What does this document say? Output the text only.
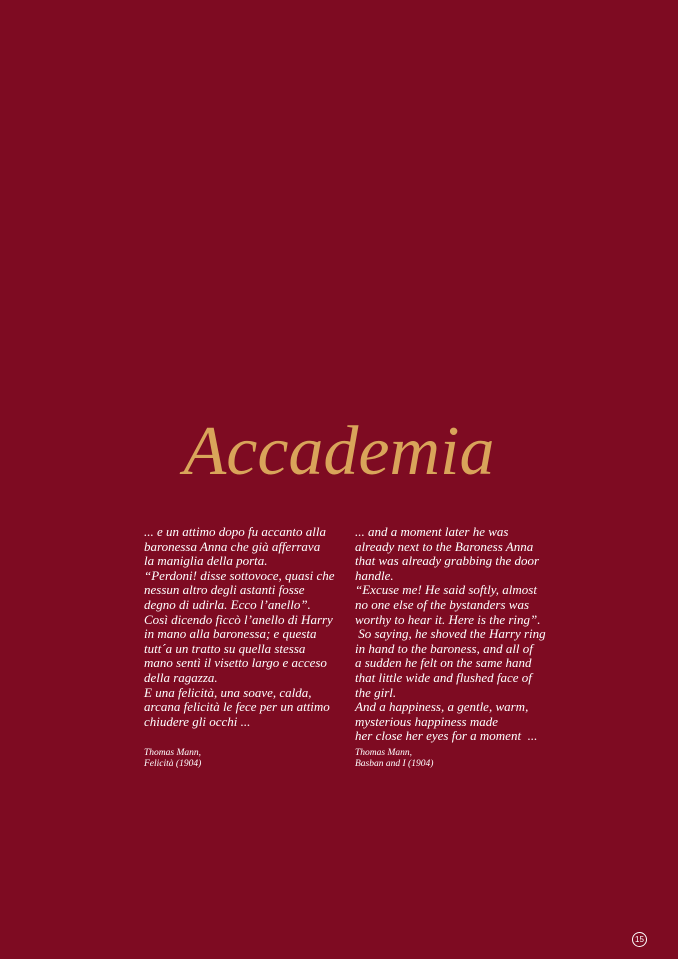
Accademia
... e un attimo dopo fu accanto alla
baronessa Anna che già afferrava
la maniglia della porta.
“Perdoni! disse sottovoce, quasi che
nessun altro degli astanti fosse
degno di udirla. Ecco l’anello”.
Così dicendo ficcò l’anello di Harry
in mano alla baronessa; e questa
tutt´a un tratto su quella stessa
mano sentì il visetto largo e acceso
della ragazza.
E una felicità, una soave, calda,
arcana felicità le fece per un attimo
chiudere gli occhi ...
... and a moment later he was
already next to the Baroness Anna
that was already grabbing the door
handle.
“Excuse me! He said softly, almost
no one else of the bystanders was
worthy to hear it. Here is the ring”.
So saying, he shoved the Harry ring
in hand to the baroness, and all of
a sudden he felt on the same hand
that little wide and flushed face of
the girl.
And a happiness, a gentle, warm,
mysterious happiness made
her close her eyes for a moment  ...
Thomas Mann,
Felicità (1904)
Thomas Mann,
Basban and I (1904)
15
